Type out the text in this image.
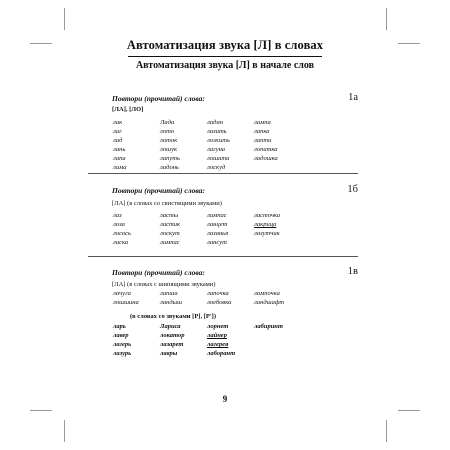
Автоматизация звука [Л] в словах
Автоматизация звука [Л] в начале слов
1а
Повтори (прочитай) слова:
[ЛА], [ЛО]
лак	Лада	ладан	лампа
лаг	лото	лазить	лапка
лад	лоток	ложить	лапти
лань	лошук	лагуна	лопатка
лапа	лапуть	лошата	ладошка
лама	ладонь	лоскуд
1б
Повтори (прочитай) слова:
[ЛА] (в словах со свистящими звуками)
лаз	ласты	лампас	ласточка
лоза	ластик	ланцет	лакрица
лосось	лоскут	лазанья	лазутчик
ласка	лампас	лансут
1в
Повтори (прочитай) слова:
[ЛА] (в словах с шипящими звуками)
лачуга	лапша	лапочка	лампочка
лошшина	ландыш	лоебовка	ландшафт
(в словах со звуками [Р], [Р'])
ларь	Лариса	лорнет	лабиринт
лавер	локатор	лайнер
лагерь	лазарет	лагерея
лазурь	лавры	лаборант
9
